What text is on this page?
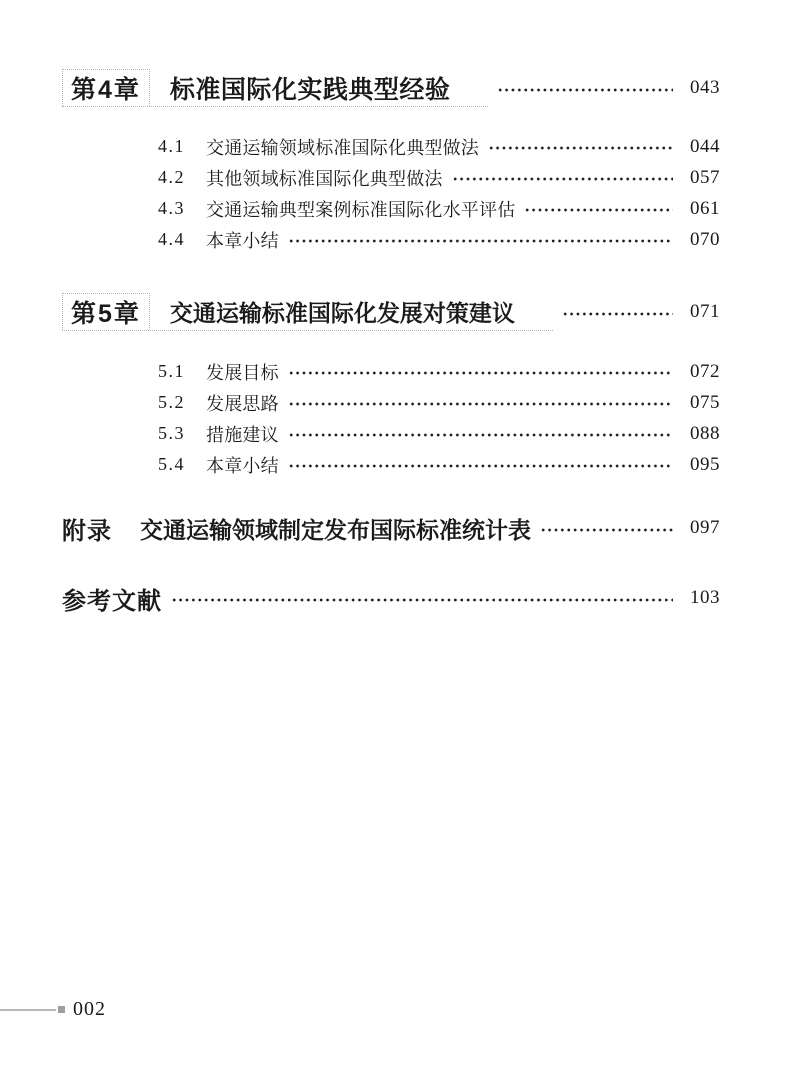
第4章	标准国际化实践典型经验	043
4.1	交通运输领域标准国际化典型做法	044
4.2	其他领域标准国际化典型做法	057
4.3	交通运输典型案例标准国际化水平评估	061
4.4	本章小结	070
第5章	交通运输标准国际化发展对策建议	071
5.1	发展目标	072
5.2	发展思路	075
5.3	措施建议	088
5.4	本章小结	095
附录 交通运输领域制定发布国际标准统计表	097
参考文献	103
002
